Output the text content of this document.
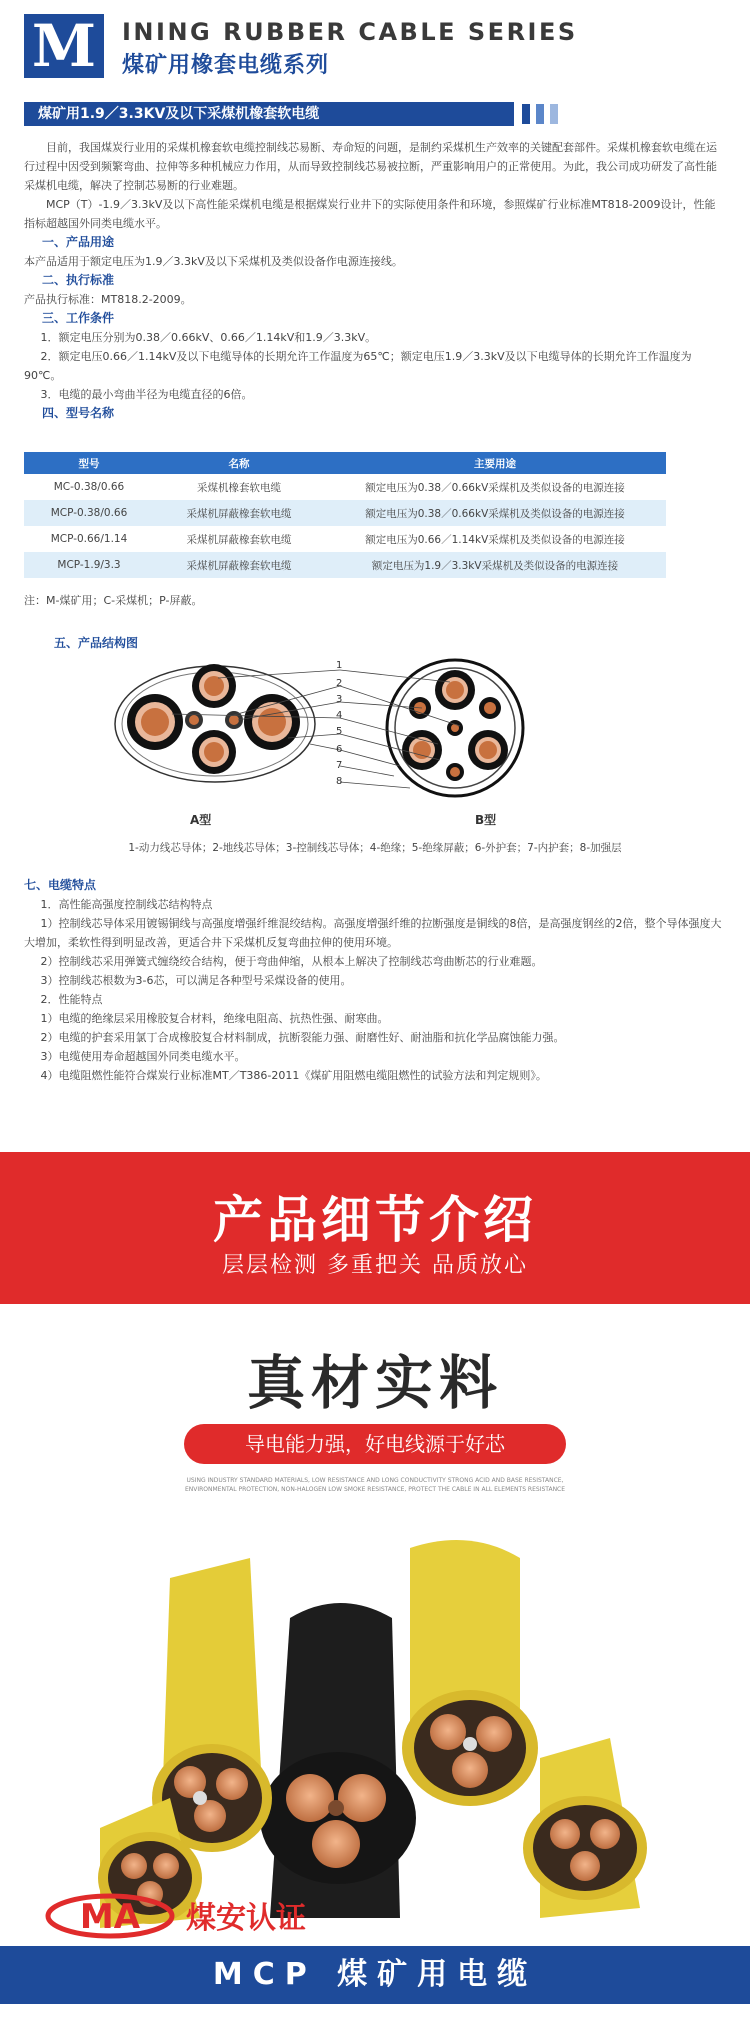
M	INING RUBBER CABLE SERIES
煤矿用橡套电缆系列
煤矿用1.9／3.3KV及以下采煤机橡套软电缆
目前，我国煤炭行业用的采煤机橡套软电缆控制线芯易断、寿命短的问题，是制约采煤机生产效率的关键配套部件。采煤机橡套软电缆在运行过程中因受到频繁弯曲、拉伸等多种机械应力作用，从而导致控制线芯易被拉断，严重影响用户的正常使用。为此，我公司成功研发了高性能采煤机电缆，解决了控制芯易断的行业难题。
MCP（T）-1.9／3.3kV及以下高性能采煤机电缆是根据煤炭行业井下的实际使用条件和环境，参照煤矿行业标准MT818-2009设计，性能指标超越国外同类电缆水平。
一、产品用途
本产品适用于额定电压为1.9／3.3kV及以下采煤机及类似设备作电源连接线。
二、执行标准
产品执行标准：MT818.2-2009。
三、工作条件
1．额定电压分别为0.38／0.66kV、0.66／1.14kV和1.9／3.3kV。
2．额定电压0.66／1.14kV及以下电缆导体的长期允许工作温度为65℃；额定电压1.9／3.3kV及以下电缆导体的长期允许工作温度为90℃。
3．电缆的最小弯曲半径为电缆直径的6倍。
四、型号名称
型号	名称	主要用途
MC-0.38/0.66	采煤机橡套软电缆	额定电压为0.38／0.66kV采煤机及类似设备的电源连接
MCP-0.38/0.66	采煤机屏蔽橡套软电缆	额定电压为0.38／0.66kV采煤机及类似设备的电源连接
MCP-0.66/1.14	采煤机屏蔽橡套软电缆	额定电压为0.66／1.14kV采煤机及类似设备的电源连接
MCP-1.9/3.3	采煤机屏蔽橡套软电缆	额定电压为1.9／3.3kV采煤机及类似设备的电源连接
注：M-煤矿用；C-采煤机；P-屏蔽。
五、产品结构图
1
2
3
4
5
6
7
8
A型	B型
1-动力线芯导体；2-地线芯导体；3-控制线芯导体；4-绝缘；5-绝缘屏蔽；6-外护套；7-内护套；8-加强层
七、电缆特点
1．高性能高强度控制线芯结构特点
1）控制线芯导体采用镀锡铜线与高强度增强纤维混绞结构。高强度增强纤维的拉断强度是铜线的8倍，是高强度钢丝的2倍，整个导体强度大大增加，柔软性得到明显改善，更适合井下采煤机反复弯曲拉伸的使用环境。
2）控制线芯采用弹簧式缠绕绞合结构，便于弯曲伸缩，从根本上解决了控制线芯弯曲断芯的行业难题。
3）控制线芯根数为3-6芯，可以满足各种型号采煤设备的使用。
2．性能特点
1）电缆的绝缘层采用橡胶复合材料，绝缘电阻高、抗热性强、耐寒曲。
2）电缆的护套采用氯丁合成橡胶复合材料制成，抗断裂能力强、耐磨性好、耐油脂和抗化学品腐蚀能力强。
3）电缆使用寿命超越国外同类电缆水平。
4）电缆阻燃性能符合煤炭行业标准MT／T386-2011《煤矿用阻燃电缆阻燃性的试验方法和判定规则》。
产品细节介绍
层层检测 多重把关 品质放心
真材实料
导电能力强，好电线源于好芯
USING INDUSTRY STANDARD MATERIALS, LOW RESISTANCE AND LONG CONDUCTIVITY STRONG ACID AND BASE RESISTANCE,
ENVIRONMENTAL PROTECTION, NON-HALOGEN LOW SMOKE RESISTANCE, PROTECT THE CABLE IN ALL ELEMENTS RESISTANCE
MA 煤安认证
MCP 煤矿用电缆
